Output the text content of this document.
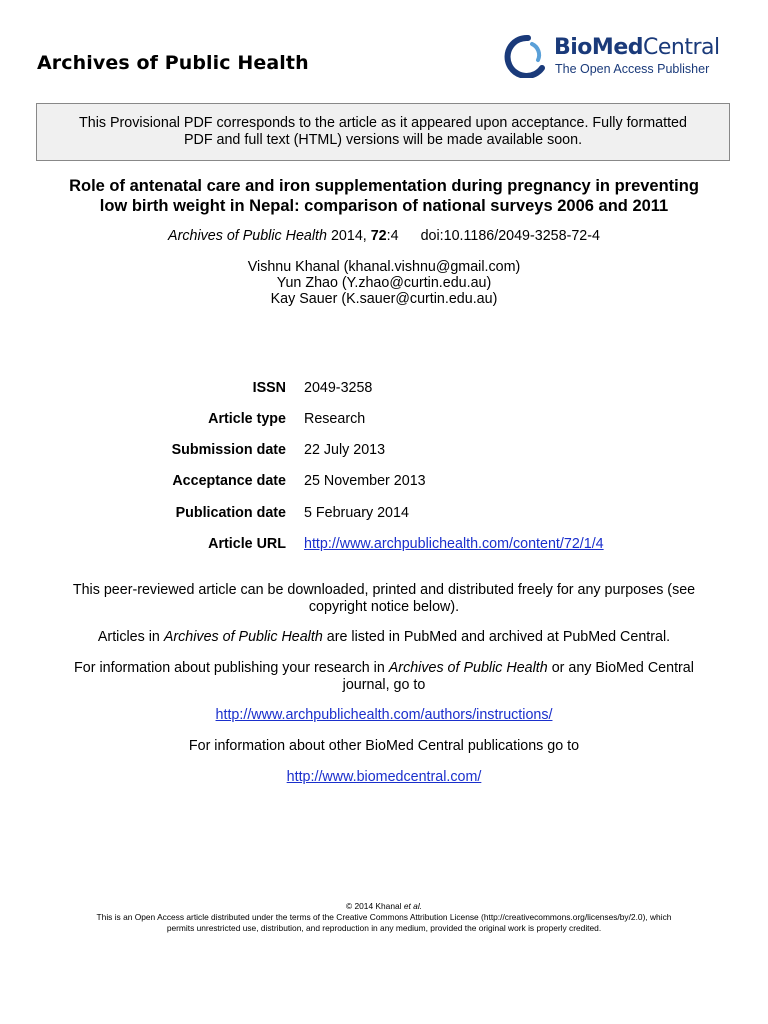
Archives of Public Health
BioMedCentral
The Open Access Publisher
This Provisional PDF corresponds to the article as it appeared upon acceptance. Fully formatted
PDF and full text (HTML) versions will be made available soon.
Role of antenatal care and iron supplementation during pregnancy in preventing
low birth weight in Nepal: comparison of national surveys 2006 and 2011
Archives of Public Health 2014, 72:4 doi:10.1186/2049-3258-72-4
Vishnu Khanal (khanal.vishnu@gmail.com)
Yun Zhao (Y.zhao@curtin.edu.au)
Kay Sauer (K.sauer@curtin.edu.au)
ISSN 2049-3258
Article type Research
Submission date 22 July 2013
Acceptance date 25 November 2013
Publication date 5 February 2014
Article URL http://www.archpublichealth.com/content/72/1/4
This peer-reviewed article can be downloaded, printed and distributed freely for any purposes (see
copyright notice below).
Articles in Archives of Public Health are listed in PubMed and archived at PubMed Central.
For information about publishing your research in Archives of Public Health or any BioMed Central
journal, go to
http://www.archpublichealth.com/authors/instructions/
For information about other BioMed Central publications go to
http://www.biomedcentral.com/
© 2014 Khanal et al.
This is an Open Access article distributed under the terms of the Creative Commons Attribution License (http://creativecommons.org/licenses/by/2.0), which
permits unrestricted use, distribution, and reproduction in any medium, provided the original work is properly credited.
